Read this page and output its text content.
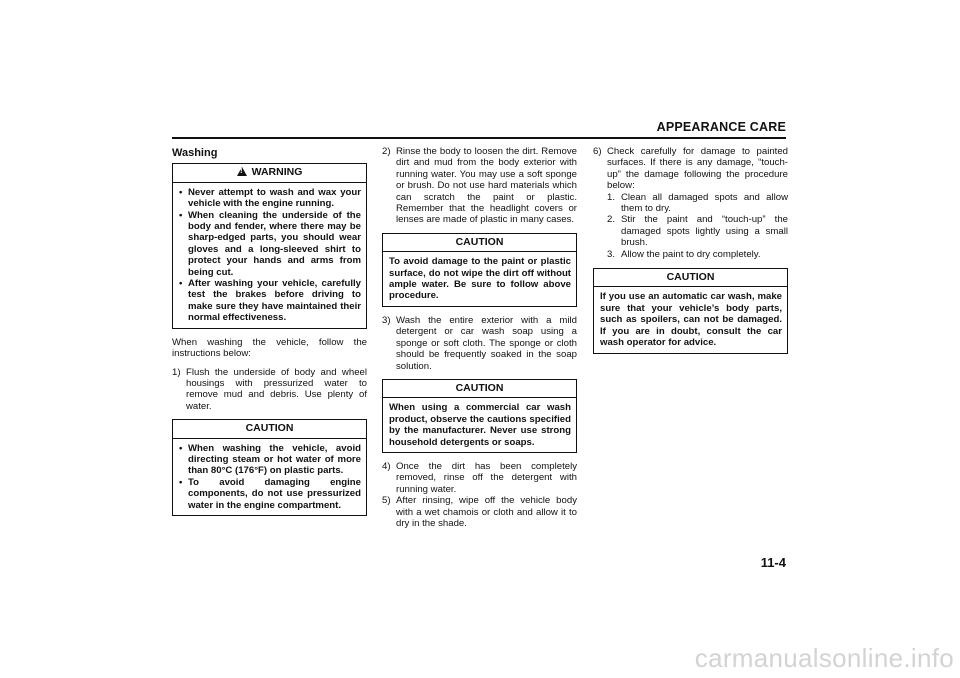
APPEARANCE CARE
Washing
!WARNING
• Never attempt to wash and wax your vehicle with the engine running.
• When cleaning the underside of the body and fender, where there may be sharp-edged parts, you should wear gloves and a long-sleeved shirt to protect your hands and arms from being cut.
• After washing your vehicle, carefully test the brakes before driving to make sure they have maintained their normal effectiveness.

When washing the vehicle, follow the instructions below:

1) Flush the underside of body and wheel housings with pressurized water to remove mud and debris. Use plenty of water.
CAUTION
• When washing the vehicle, avoid directing steam or hot water of more than 80°C (176°F) on plastic parts.
• To avoid damaging engine components, do not use pressurized water in the engine compartment.
2) Rinse the body to loosen the dirt. Remove dirt and mud from the body exterior with running water. You may use a soft sponge or brush. Do not use hard materials which can scratch the paint or plastic. Remember that the headlight covers or lenses are made of plastic in many cases.
CAUTION
To avoid damage to the paint or plastic surface, do not wipe the dirt off without ample water. Be sure to follow above procedure.
3) Wash the entire exterior with a mild detergent or car wash soap using a sponge or soft cloth. The sponge or cloth should be frequently soaked in the soap solution.
CAUTION
When using a commercial car wash product, observe the cautions specified by the manufacturer. Never use strong household detergents or soaps.
4) Once the dirt has been completely removed, rinse off the detergent with running water.
5) After rinsing, wipe off the vehicle body with a wet chamois or cloth and allow it to dry in the shade.
6) Check carefully for damage to painted surfaces. If there is any damage, “touch-up” the damage following the procedure below:
1. Clean all damaged spots and allow them to dry.
2. Stir the paint and “touch-up” the damaged spots lightly using a small brush.
3. Allow the paint to dry completely.
CAUTION
If you use an automatic car wash, make sure that your vehicle’s body parts, such as spoilers, can not be damaged. If you are in doubt, consult the car wash operator for advice.
11-4
carmanualsonline.info
